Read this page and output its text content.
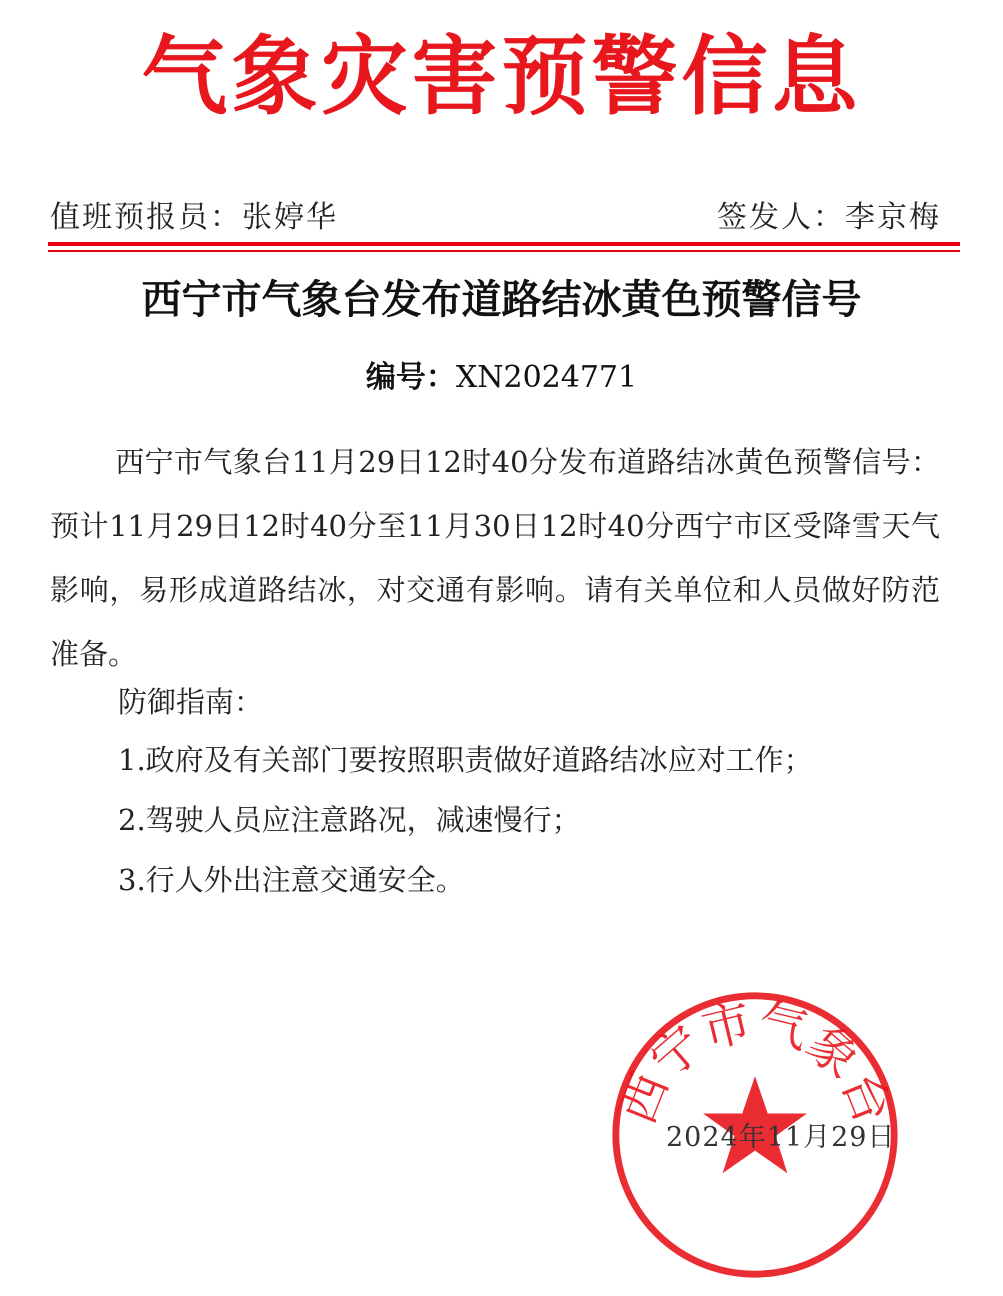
气象灾害预警信息
值班预报员：张婷华	签发人：李京梅
西宁市气象台发布道路结冰黄色预警信号
编号：XN2024771
西宁市气象台11月29日12时40分发布道路结冰黄色预警信号：预计11月29日12时40分至11月30日12时40分西宁市区受降雪天气影响，易形成道路结冰，对交通有影响。请有关单位和人员做好防范准备。
防御指南：
1.政府及有关部门要按照职责做好道路结冰应对工作；
2.驾驶人员应注意路况，减速慢行；
3.行人外出注意交通安全。
西宁市气象台
2024年11月29日
